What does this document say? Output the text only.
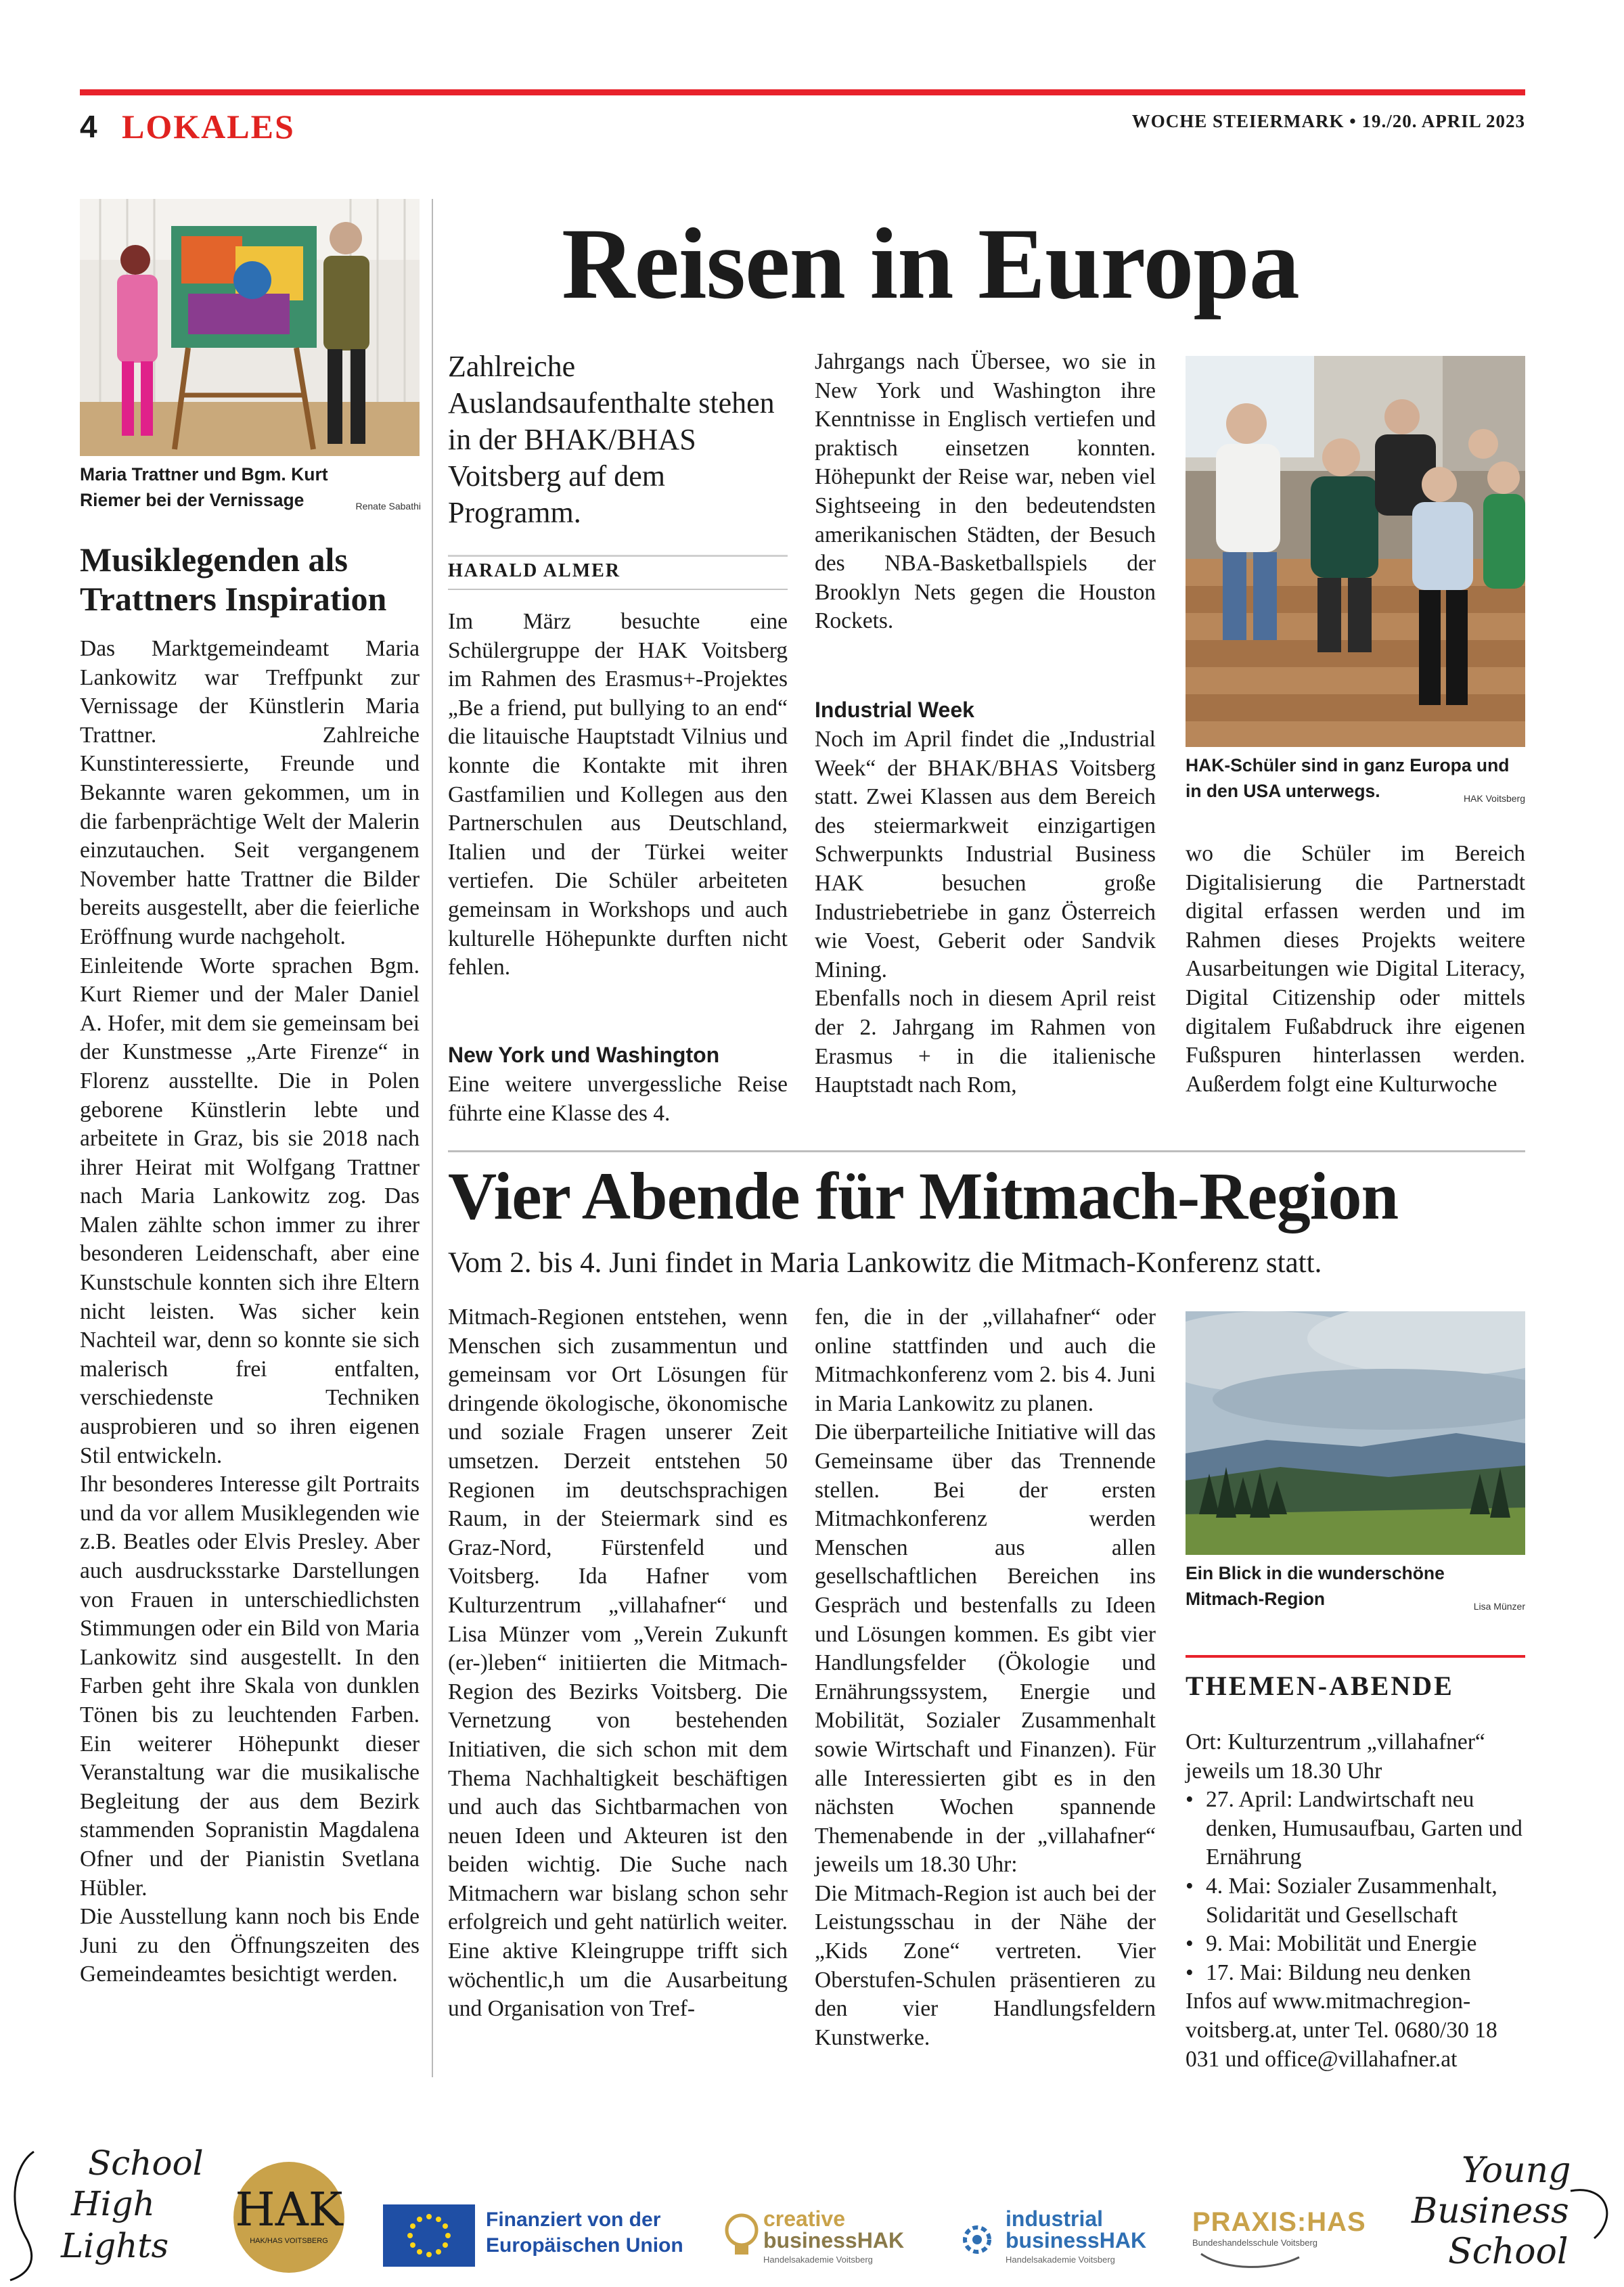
4 LOKALES	WOCHE STEIERMARK • 19./20. APRIL 2023
Maria Trattner und Bgm. Kurt Riemer bei der Vernissage	Renate Sabathi
Musiklegenden als Trattners Inspiration

Das Marktgemeindeamt Maria Lankowitz war Treffpunkt zur Vernissage der Künstlerin Maria Trattner. Zahlreiche Kunstinteressierte, Freunde und Bekannte waren gekommen, um in die farbenprächtige Welt der Malerin einzutauchen. Seit vergangenem November hatte Trattner die Bilder bereits ausgestellt, aber die feierliche Eröffnung wurde nachgeholt.
Einleitende Worte sprachen Bgm. Kurt Riemer und der Maler Daniel A. Hofer, mit dem sie gemeinsam bei der Kunstmesse „Arte Firenze“ in Florenz ausstellte. Die in Polen geborene Künstlerin lebte und arbeitete in Graz, bis sie 2018 nach ihrer Heirat mit Wolfgang Trattner nach Maria Lankowitz zog. Das Malen zählte schon immer zu ihrer besonderen Leidenschaft, aber eine Kunstschule konnten sich ihre Eltern nicht leisten. Was sicher kein Nachteil war, denn so konnte sie sich malerisch frei entfalten, verschiedenste Techniken ausprobieren und so ihren eigenen Stil entwickeln.
Ihr besonderes Interesse gilt Portraits und da vor allem Musiklegenden wie z.B. Beatles oder Elvis Presley. Aber auch ausdrucksstarke Darstellungen von Frauen in unterschiedlichsten Stimmungen oder ein Bild von Maria Lankowitz sind ausgestellt. In den Farben geht ihre Skala von dunklen Tönen bis zu leuchtenden Farben. Ein weiterer Höhepunkt dieser Veranstaltung war die musikalische Begleitung der aus dem Bezirk stammenden Sopranistin Magdalena Ofner und der Pianistin Svetlana Hübler.
Die Ausstellung kann noch bis Ende Juni zu den Öffnungszeiten des Gemeindeamtes besichtigt werden.

Reisen in Europa
Zahlreiche Auslandsaufenthalte stehen in der BHAK/BHAS Voitsberg auf dem Programm.
HARALD ALMER

Im März besuchte eine Schülergruppe der HAK Voitsberg im Rahmen des Erasmus+-Projektes „Be a friend, put bullying to an end“ die litauische Hauptstadt Vilnius und konnte die Kontakte mit ihren Gastfamilien und Kollegen aus den Partnerschulen aus Deutschland, Italien und der Türkei weiter vertiefen. Die Schüler arbeiteten gemeinsam in Workshops und auch kulturelle Höhepunkte durften nicht fehlen.

New York und Washington

Eine weitere unvergessliche Reise führte eine Klasse des 4.

Jahrgangs nach Übersee, wo sie in New York und Washington ihre Kenntnisse in Englisch vertiefen und praktisch einsetzen konnten. Höhepunkt der Reise war, neben viel Sightseeing in den bedeutendsten amerikanischen Städten, der Besuch des NBA-Basketballspiels der Brooklyn Nets gegen die Houston Rockets.

Industrial Week

Noch im April findet die „Industrial Week“ der BHAK/BHAS Voitsberg statt. Zwei Klassen aus dem Bereich des steiermarkweit einzigartigen Schwerpunkts Industrial Business HAK besuchen große Industriebetriebe in ganz Österreich wie Voest, Geberit oder Sandvik Mining.
Ebenfalls noch in diesem April reist der 2. Jahrgang im Rahmen von Erasmus + in die italienische Hauptstadt nach Rom,

HAK-Schüler sind in ganz Europa und in den USA unterwegs.	HAK Voitsberg

wo die Schüler im Bereich Digitalisierung die Partnerstadt digital erfassen werden und im Rahmen dieses Projekts weitere Ausarbeitungen wie Digital Literacy, Digital Citizenship oder mittels digitalem Fußabdruck ihre eigenen Fußspuren hinterlassen werden. Außerdem folgt eine Kulturwoche

Vier Abende für Mitmach-Region
Vom 2. bis 4. Juni findet in Maria Lankowitz die Mitmach-Konferenz statt.

Mitmach-Regionen entstehen, wenn Menschen sich zusammentun und gemeinsam vor Ort Lösungen für dringende ökologische, ökonomische und soziale Fragen unserer Zeit umsetzen. Derzeit entstehen 50 Regionen im deutschsprachigen Raum, in der Steiermark sind es Graz-Nord, Fürstenfeld und Voitsberg. Ida Hafner vom Kulturzentrum „villahafner“ und Lisa Münzer vom „Verein Zukunft (er-)leben“ initiierten die Mitmach-Region des Bezirks Voitsberg. Die Vernetzung von bestehenden Initiativen, die sich schon mit dem Thema Nachhaltigkeit beschäftigen und auch das Sichtbarmachen von neuen Ideen und Akteuren ist den beiden wichtig. Die Suche nach Mitmachern war bislang schon sehr erfolgreich und geht natürlich weiter. Eine aktive Kleingruppe trifft sich wöchentlic,h um die Ausarbeitung und Organisation von Tref-

fen, die in der „villahafner“ oder online stattfinden und auch die Mitmachkonferenz vom 2. bis 4. Juni in Maria Lankowitz zu planen.
Die überparteiliche Initiative will das Gemeinsame über das Trennende stellen. Bei der ersten Mitmachkonferenz werden Menschen aus allen gesellschaftlichen Bereichen ins Gespräch und bestenfalls zu Ideen und Lösungen kommen. Es gibt vier Handlungsfelder (Ökologie und Ernährungssystem, Energie und Mobilität, Sozialer Zusammenhalt sowie Wirtschaft und Finanzen). Für alle Interessierten gibt es in den nächsten Wochen spannende Themenabende in der „villahafner“ jeweils um 18.30 Uhr:
Die Mitmach-Region ist auch bei der Leistungsschau in der Nähe der „Kids Zone“ vertreten. Vier Oberstufen-Schulen präsentieren zu den vier Handlungsfeldern Kunstwerke.

Ein Blick in die wunderschöne Mitmach-Region	Lisa Münzer
THEMEN-ABENDE
Ort: Kulturzentrum „villahafner“ jeweils um 18.30 Uhr
• 27. April: Landwirtschaft neu denken, Humusaufbau, Garten und Ernährung
• 4. Mai: Sozialer Zusammenhalt, Solidarität und Gesellschaft
• 9. Mai: Mobilität und Energie
• 17. Mai: Bildung neu denken
Infos auf www.mitmachregion-voitsberg.at, unter Tel. 0680/30 18 031 und office@villahafner.at
School
High
Lights
HAK
HAK/HAS VOITSBERG
Finanziert von der
Europäischen Union
creative
businessHAK
Handelsakademie Voitsberg
industrial
businessHAK
Handelsakademie Voitsberg
PRAXIS:HAS
Bundeshandelsschule Voitsberg
Young
Business
School
